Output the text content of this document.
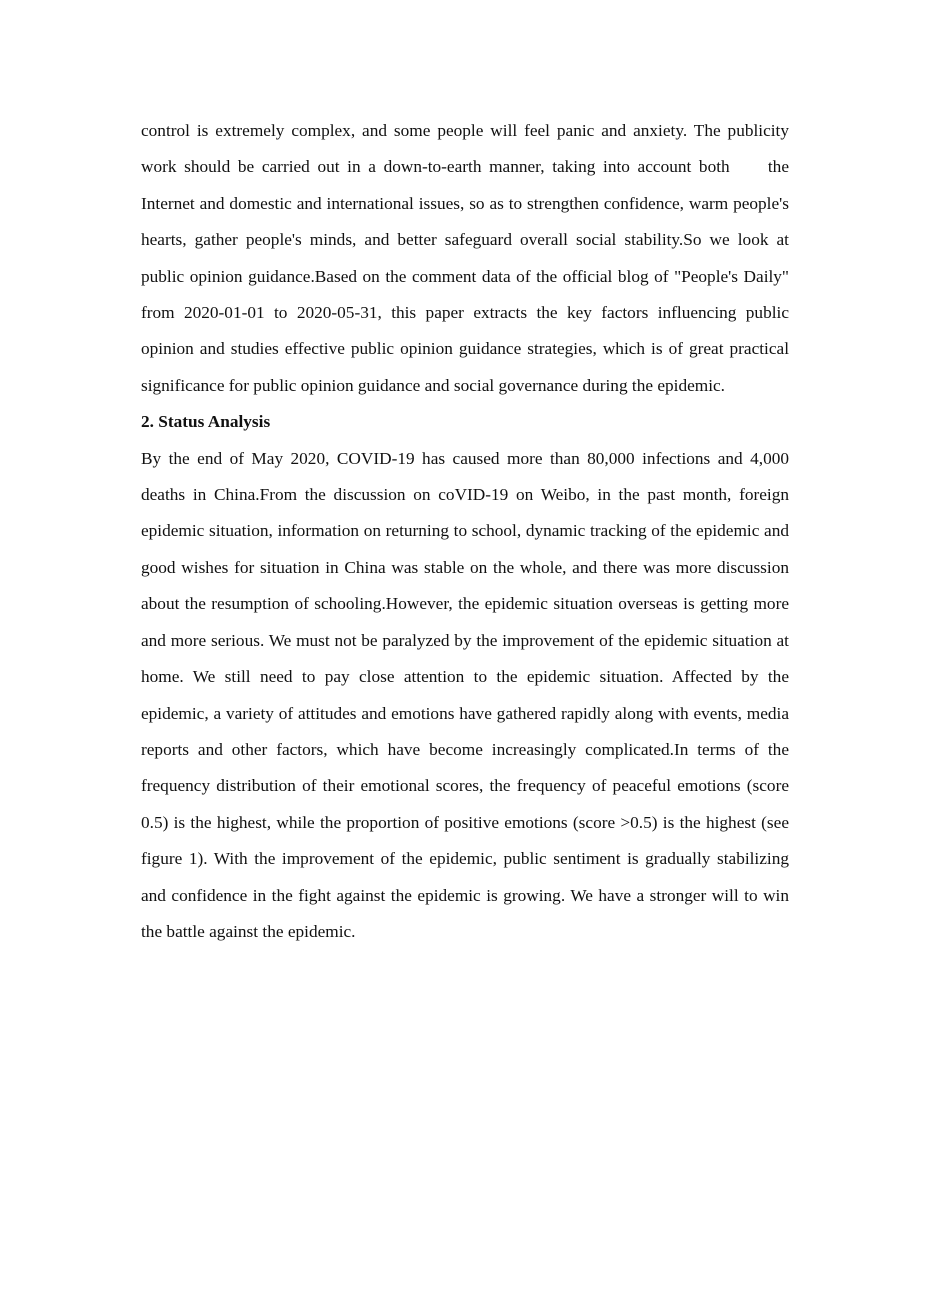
control is extremely complex, and some people will feel panic and anxiety. The publicity work should be carried out in a down-to-earth manner, taking into account both     the Internet and domestic and international issues, so as to strengthen confidence, warm people's hearts, gather people's minds, and better safeguard overall social stability.So we look at public opinion guidance.Based on the comment data of the official blog of "People's Daily" from 2020-01-01 to 2020-05-31, this paper extracts the key factors influencing public opinion and studies effective public opinion guidance strategies, which is of great practical significance for public opinion guidance and social governance during the epidemic.

2. Status Analysis

By the end of May 2020, COVID-19 has caused more than 80,000 infections and 4,000 deaths in China.From the discussion on coVID-19 on Weibo, in the past month, foreign epidemic situation, information on returning to school, dynamic tracking of the epidemic and good wishes for situation in China was stable on the whole, and there was more discussion about the resumption of schooling.However, the epidemic situation overseas is getting more and more serious. We must not be paralyzed by the improvement of the epidemic situation at home. We still need to pay close attention to the epidemic situation. Affected by the epidemic, a variety of attitudes and emotions have gathered rapidly along with events, media reports and other factors, which have become increasingly complicated.In terms of the frequency distribution of their emotional scores, the frequency of peaceful emotions (score 0.5) is the highest, while the proportion of positive emotions (score >0.5) is the highest (see figure 1). With the improvement of the epidemic, public sentiment is gradually stabilizing and confidence in the fight against the epidemic is growing. We have a stronger will to win the battle against the epidemic.
